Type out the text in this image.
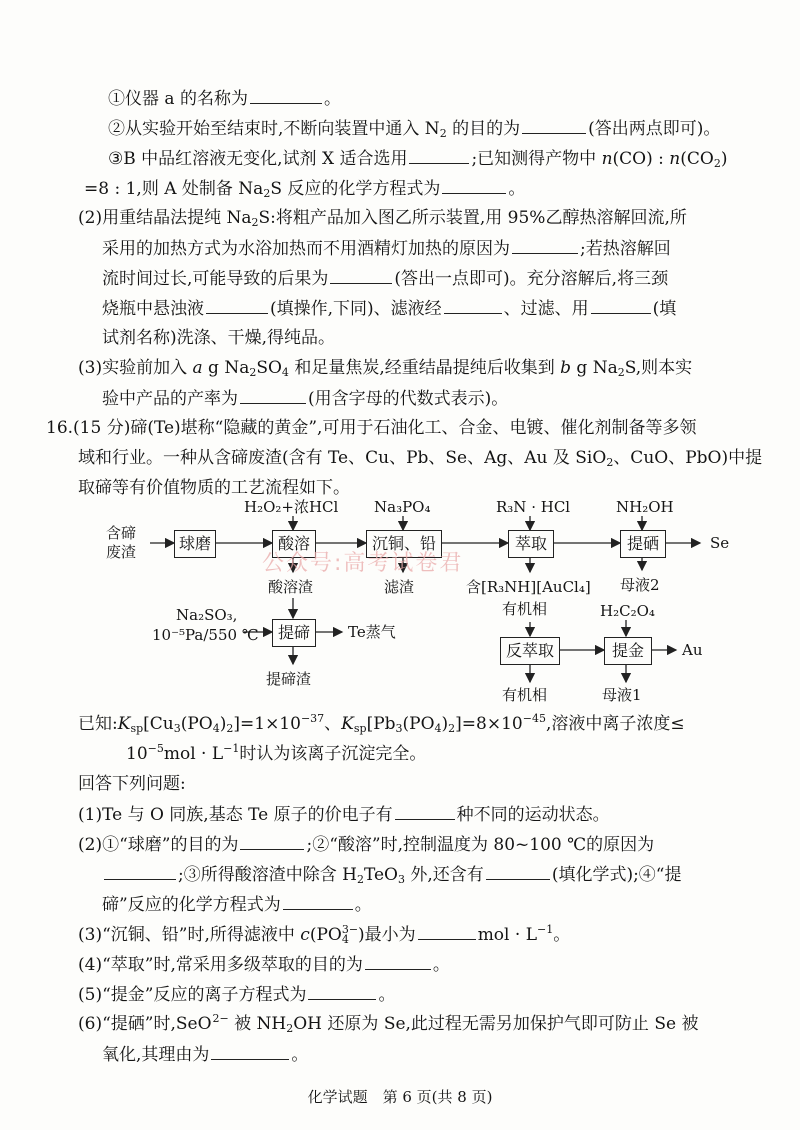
①仪器 a 的名称为	。
②从实验开始至结束时,不断向装置中通入 $N_2$ 的目的为	(答出两点即可)。
③B 中品红溶液无变化,试剂 X 适合选用	;已知测得产物中 n(CO) : $n(CO_2)$
=8 : 1,则 A 处制备 $Na_2S$ 反应的化学方程式为	。
(2)用重结晶法提纯 $Na_2S$:将粗产品加入图乙所示装置,用 95%乙醇热溶解回流,所
采用的加热方式为水浴加热而不用酒精灯加热的原因为	;若热溶解回
流时间过长,可能导致的后果为	(答出一点即可)。充分溶解后,将三颈
烧瓶中悬浊液	(填操作,下同)、滤液经	、过滤、用	(填
试剂名称)洗涤、干燥,得纯品。
(3)实验前加入 a g $Na_2SO_4$ 和足量焦炭,经重结晶提纯后收集到 b g $Na_2S$,则本实
验中产品的产率为	(用含字母的代数式表示)。
16.(15 分)碲(Te)堪称“隐藏的黄金”,可用于石油化工、合金、电镀、催化剂制备等多领
域和行业。一种从含碲废渣(含有 Te、Cu、Pb、Se、Ag、Au 及 SiO$_2$、CuO、PbO)中提
取碲等有价值物质的工艺流程如下。
含碲
废渣	球磨	酸溶	沉铜、铅	萃取	提硒
提碲
反萃取	提金
H₂O₂+浓HCl Na₃PO₄	R₃N · HCl	NH₂OH
Se
酸溶渣	滤渣	母液2
含[R₃NH][AuCl₄]
有机相	H₂C₂O₄
Au
有机相	母液1
Na₂SO₃,
10⁻⁵Pa/550 ℃	Te蒸气
提碲渣
公众号:高考试卷君
已知$:K_{sp}[Cu_3(PO_4)_2]=1\times 10^{-37}$、$K_{sp}[Pb_3(PO_4)_2]=8\times 10^{-45}$,溶液中离子浓度≤
$10^{-5}mol \cdot L^{-1}$时认为该离子沉淀完全。
回答下列问题:
(1)Te 与 O 同族,基态 Te 原子的价电子有	种不同的运动状态。
(2)①“球磨”的目的为	;②“酸溶”时,控制温度为 80~100 ℃的原因为
;③所得酸溶渣中除含 $H_2TeO_3$ 外,还含有	(填化学式);④“提
碲”反应的化学方程式为	。
(3)“沉铜、铅”时,所得滤液中 $c(PO_4^{3-})$最小为	mol · $L^{-1}$。
(4)“萃取”时,常采用多级萃取的目的为	。
(5)“提金”反应的离子方程式为	。
(6)“提硒”时,SeO$^{2-}$ 被 $NH_2OH$ 还原为 Se,此过程无需另加保护气即可防止 Se 被
氧化,其理由为	。
化学试题　第 6 页(共 8 页)
